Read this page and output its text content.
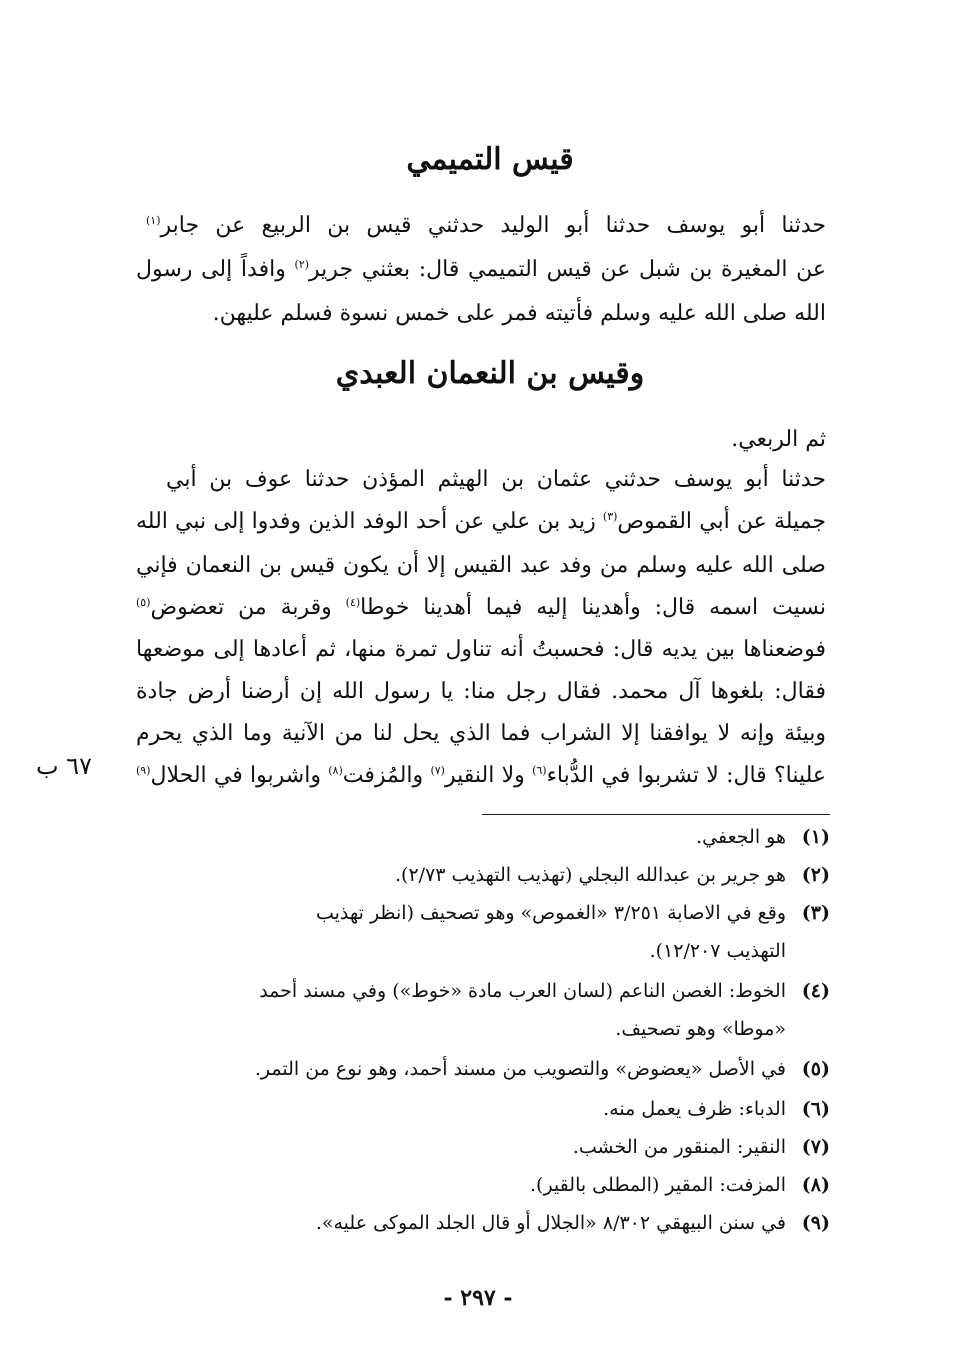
قيس التميمي

حدثنا أبو يوسف حدثنا أبو الوليد حدثني قيس بن الربيع عن جابر$^{(١)}$

عن المغيرة بن شبل عن قيس التميمي قال: بعثني جرير$^{(٢)}$ وافداً إلى رسول

الله صلى الله عليه وسلم فأتيته فمر على خمس نسوة فسلم عليهن.

وقيس بن النعمان العبدي

ثم الربعي.

حدثنا أبو يوسف حدثني عثمان بن الهيثم المؤذن حدثنا عوف بن أبي

جميلة عن أبي القموص$^{(٣)}$ زيد بن علي عن أحد الوفد الذين وفدوا إلى نبي الله

صلى الله عليه وسلم من وفد عبد القيس إلا أن يكون قيس بن النعمان فإني

نسيت اسمه قال: وأهدينا إليه فيما أهدينا خوطا$^{(٤)}$ وقربة من تعضوض$^{(٥)}$

فوضعناها بين يديه قال: فحسبتُ أنه تناول تمرة منها، ثم أعادها إلى موضعها

فقال: بلغوها آل محمد. فقال رجل منا: يا رسول الله إن أرضنا أرض جادة

وبيئة وإنه لا يوافقنا إلا الشراب فما الذي يحل لنا من الآنية وما الذي يحرم

علينا؟ قال: لا تشربوا في الدُّباء$^{(٦)}$ ولا النقير$^{(٧)}$ والمُزفت$^{(٨)}$ واشربوا في الحلال$^{(٩)}$

٦٧ ب

(١)هو الجعفي.

(٢)هو جرير بن عبدالله البجلي (تهذيب التهذيب ٢/٧٣).

(٣)وقع في الاصابة ٣/٢٥١ «الغموص» وهو تصحيف (انظر تهذيب
التهذيب ١٢/٢٠٧).

(٤)الخوط: الغصن الناعم (لسان العرب مادة «خوط») وفي مسند أحمد
«موطا» وهو تصحيف.

(٥)في الأصل «يعضوض» والتصويب من مسند أحمد، وهو نوع من التمر.

(٦)الدباء: ظرف يعمل منه.

(٧)النقير: المنقور من الخشب.

(٨)المزفت: المقير (المطلى بالقير).

(٩)في سنن البيهقي ٨/٣٠٢ «الجلال أو قال الجلد الموكى عليه».

- ٢٩٧ -
